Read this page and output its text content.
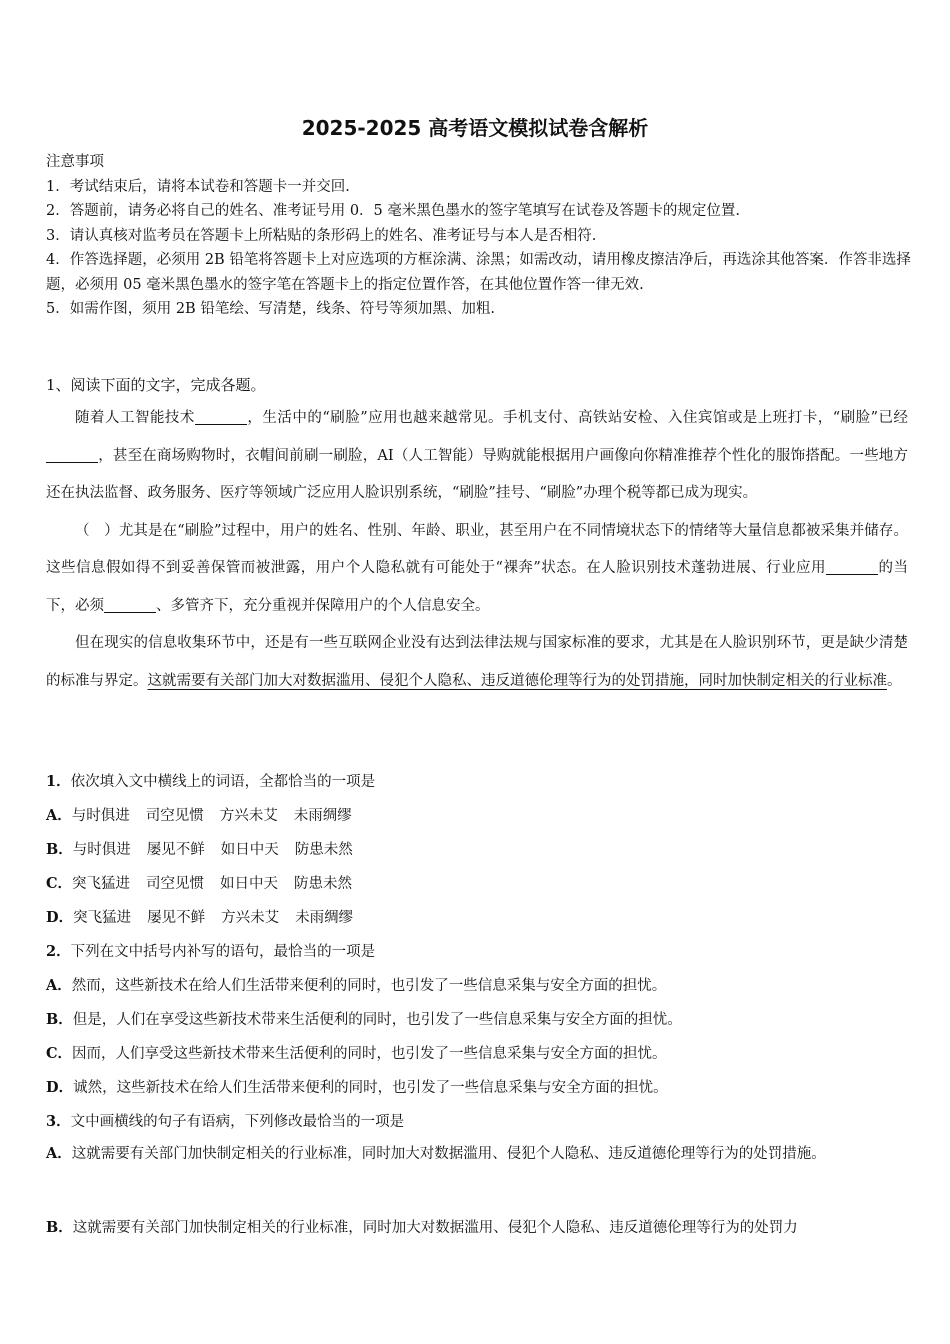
2025-2025 高考语文模拟试卷含解析

注意事项

1．考试结束后，请将本试卷和答题卡一并交回.

2．答题前，请务必将自己的姓名、准考证号用 0．5 毫米黑色墨水的签字笔填写在试卷及答题卡的规定位置.

3．请认真核对监考员在答题卡上所粘贴的条形码上的姓名、准考证号与本人是否相符.

4．作答选择题，必须用 2B 铅笔将答题卡上对应选项的方框涂满、涂黑；如需改动，请用橡皮擦洁净后，再选涂其他答案．作答非选择题，必须用 05 毫米黑色墨水的签字笔在答题卡上的指定位置作答，在其他位置作答一律无效.

5．如需作图，须用 2B 铅笔绘、写清楚，线条、符号等须加黑、加粗.

1、阅读下面的文字，完成各题。

随着人工智能技术	，生活中的“刷脸”应用也越来越常见。手机支付、高铁站安检、入住宾馆或是上班打卡，“刷脸”已经，甚至在商场购物时，衣帽间前刷一刷脸，AI（人工智能）导购就能根据用户画像向你精准推荐个性化的服饰搭配。一些地方还在执法监督、政务服务、医疗等领域广泛应用人脸识别系统，“刷脸”挂号、“刷脸”办理个税等都已成为现实。

（　）尤其是在“刷脸”过程中，用户的姓名、性别、年龄、职业，甚至用户在不同情境状态下的情绪等大量信息都被采集并储存。这些信息假如得不到妥善保管而被泄露，用户个人隐私就有可能处于“裸奔”状态。在人脸识别技术蓬勃进展、行业应用	的当下，必须	、多管齐下，充分重视并保障用户的个人信息安全。

但在现实的信息收集环节中，还是有一些互联网企业没有达到法律法规与国家标准的要求，尤其是在人脸识别环节，更是缺少清楚的标准与界定。这就需要有关部门加大对数据滥用、侵犯个人隐私、违反道德伦理等行为的处罚措施，同时加快制定相关的行业标准。

1．依次填入文中横线上的词语，全都恰当的一项是

A．与时俱进 司空见惯 方兴未艾 未雨绸缪

B．与时俱进 屡见不鲜 如日中天 防患未然

C．突飞猛进 司空见惯 如日中天 防患未然

D．突飞猛进 屡见不鲜 方兴未艾 未雨绸缪

2．下列在文中括号内补写的语句，最恰当的一项是

A．然而，这些新技术在给人们生活带来便利的同时，也引发了一些信息采集与安全方面的担忧。

B．但是，人们在享受这些新技术带来生活便利的同时，也引发了一些信息采集与安全方面的担忧。

C．因而，人们享受这些新技术带来生活便利的同时，也引发了一些信息采集与安全方面的担忧。

D．诚然，这些新技术在给人们生活带来便利的同时，也引发了一些信息采集与安全方面的担忧。

3．文中画横线的句子有语病，下列修改最恰当的一项是

A．这就需要有关部门加快制定相关的行业标准，同时加大对数据滥用、侵犯个人隐私、违反道德伦理等行为的处罚措施。

B．这就需要有关部门加快制定相关的行业标准，同时加大对数据滥用、侵犯个人隐私、违反道德伦理等行为的处罚力
